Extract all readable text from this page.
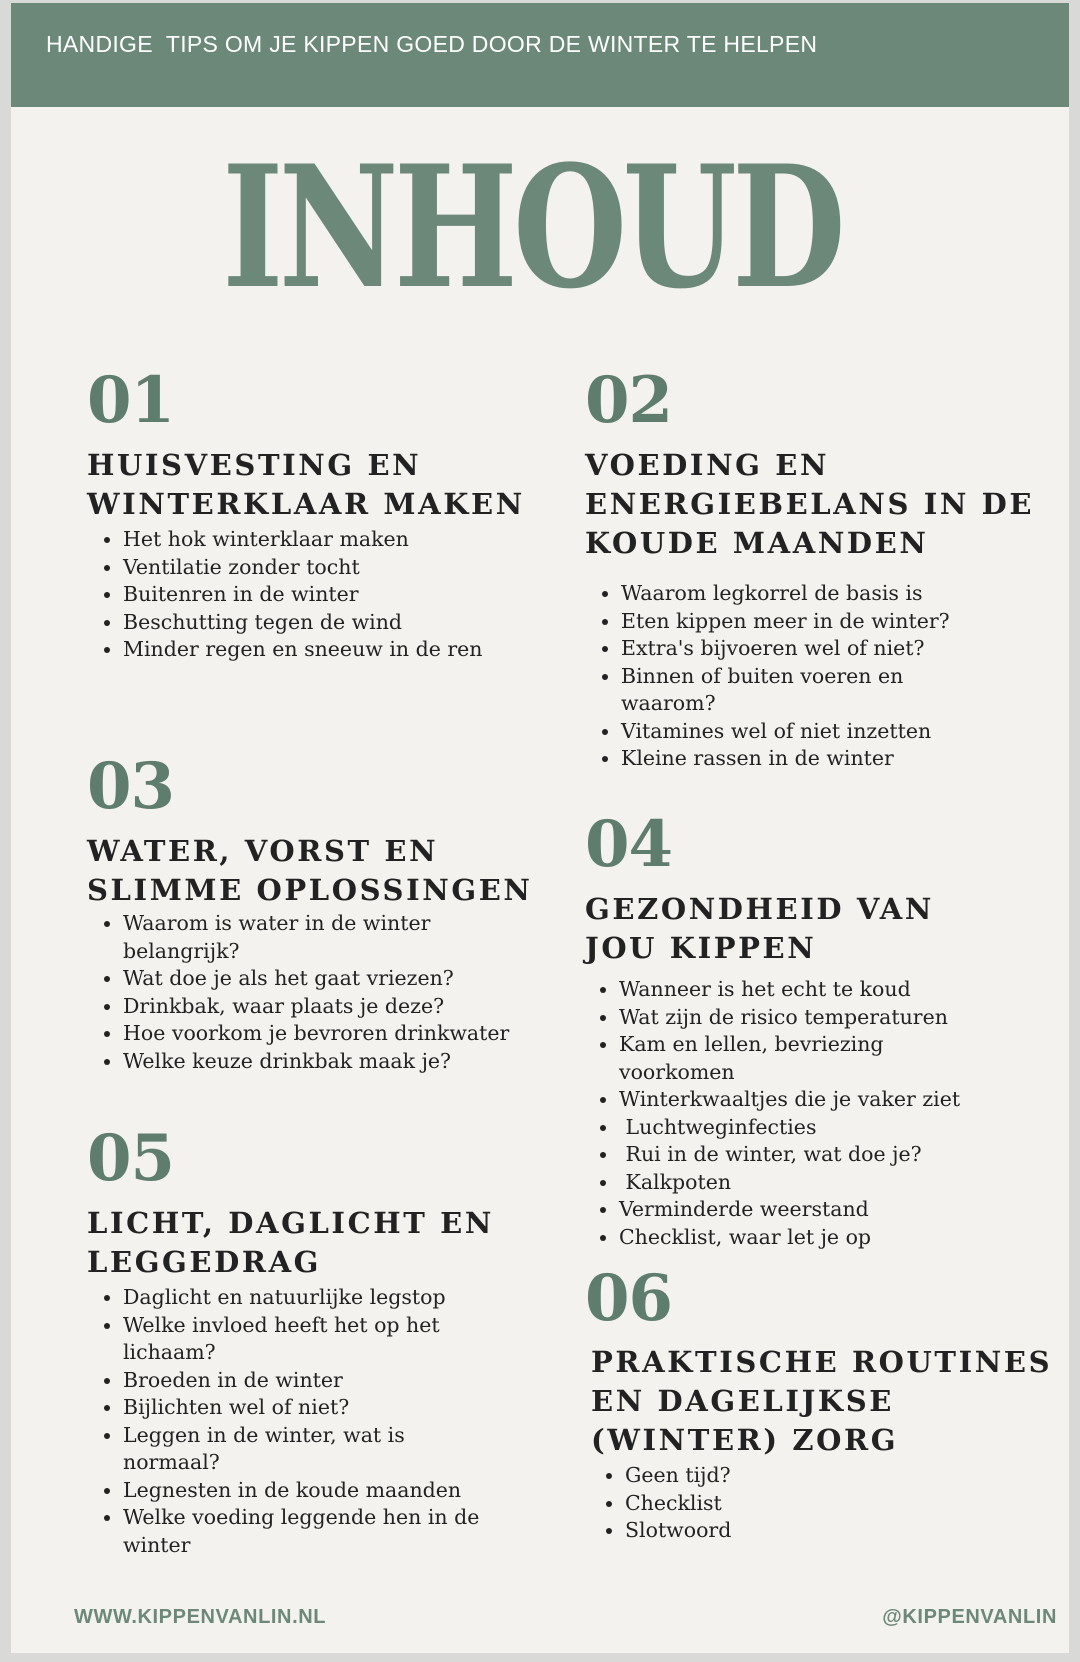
HANDIGE  TIPS OM JE KIPPEN GOED DOOR DE WINTER TE HELPEN
INHOUD
01
HUISVESTING EN
WINTERKLAAR MAKEN
• Het hok winterklaar maken
• Ventilatie zonder tocht
• Buitenren in de winter
• Beschutting tegen de wind
• Minder regen en sneeuw in de ren
02
VOEDING EN
ENERGIEBELANS IN DE
KOUDE MAANDEN
• Waarom legkorrel de basis is
• Eten kippen meer in de winter?
• Extra's bijvoeren wel of niet?
• Binnen of buiten voeren en waarom?
• Vitamines wel of niet inzetten
• Kleine rassen in de winter
03
WATER, VORST EN
SLIMME OPLOSSINGEN
• Waarom is water in de winter belangrijk?
• Wat doe je als het gaat vriezen?
• Drinkbak, waar plaats je deze?
• Hoe voorkom je bevroren drinkwater
• Welke keuze drinkbak maak je?
04
GEZONDHEID VAN
JOU KIPPEN
• Wanneer is het echt te koud
• Wat zijn de risico temperaturen
• Kam en lellen, bevriezing voorkomen
• Winterkwaaltjes die je vaker ziet
•  Luchtweginfecties
•  Rui in de winter, wat doe je?
•  Kalkpoten
• Verminderde weerstand
• Checklist, waar let je op
05
LICHT, DAGLICHT EN
LEGGEDRAG
• Daglicht en natuurlijke legstop
• Welke invloed heeft het op het lichaam?
• Broeden in de winter
• Bijlichten wel of niet?
• Leggen in de winter, wat is normaal?
• Legnesten in de koude maanden
• Welke voeding leggende hen in de winter
06
PRAKTISCHE ROUTINES
EN DAGELIJKSE
(WINTER) ZORG
• Geen tijd?
• Checklist
• Slotwoord
WWW.KIPPENVANLIN.NL	@KIPPENVANLIN
